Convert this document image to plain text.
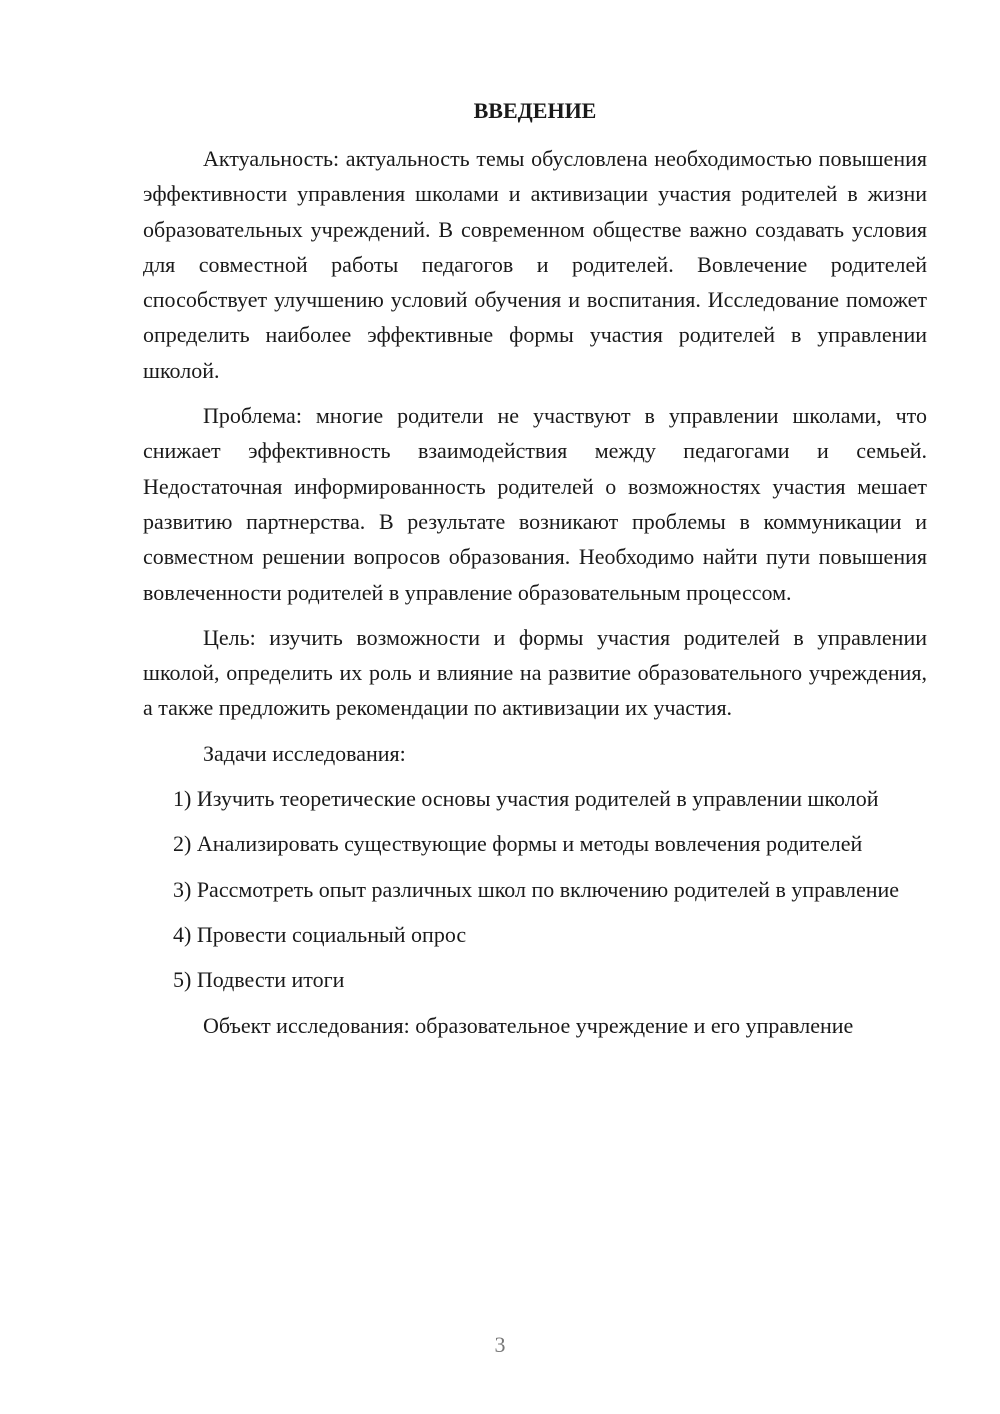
ВВЕДЕНИЕ

Актуальность: актуальность темы обусловлена необходимостью повышения эффективности управления школами и активизации участия родителей в жизни образовательных учреждений. В современном обществе важно создавать условия для совместной работы педагогов и родителей. Вовлечение родителей способствует улучшению условий обучения и воспитания. Исследование поможет определить наиболее эффективные формы участия родителей в управлении школой.

Проблема: многие родители не участвуют в управлении школами, что снижает эффективность взаимодействия между педагогами и семьей. Недостаточная информированность родителей о возможностях участия мешает развитию партнерства. В результате возникают проблемы в коммуникации и совместном решении вопросов образования. Необходимо найти пути повышения вовлеченности родителей в управление образовательным процессом.

Цель: изучить возможности и формы участия родителей в управлении школой, определить их роль и влияние на развитие образовательного учреждения, а также предложить рекомендации по активизации их участия.

Задачи исследования:

1) Изучить теоретические основы участия родителей в управлении школой

2) Анализировать существующие формы и методы вовлечения родителей

3) Рассмотреть опыт различных школ по включению родителей в управление

4) Провести социальный опрос

5) Подвести итоги

Объект исследования: образовательное учреждение и его управление

3
